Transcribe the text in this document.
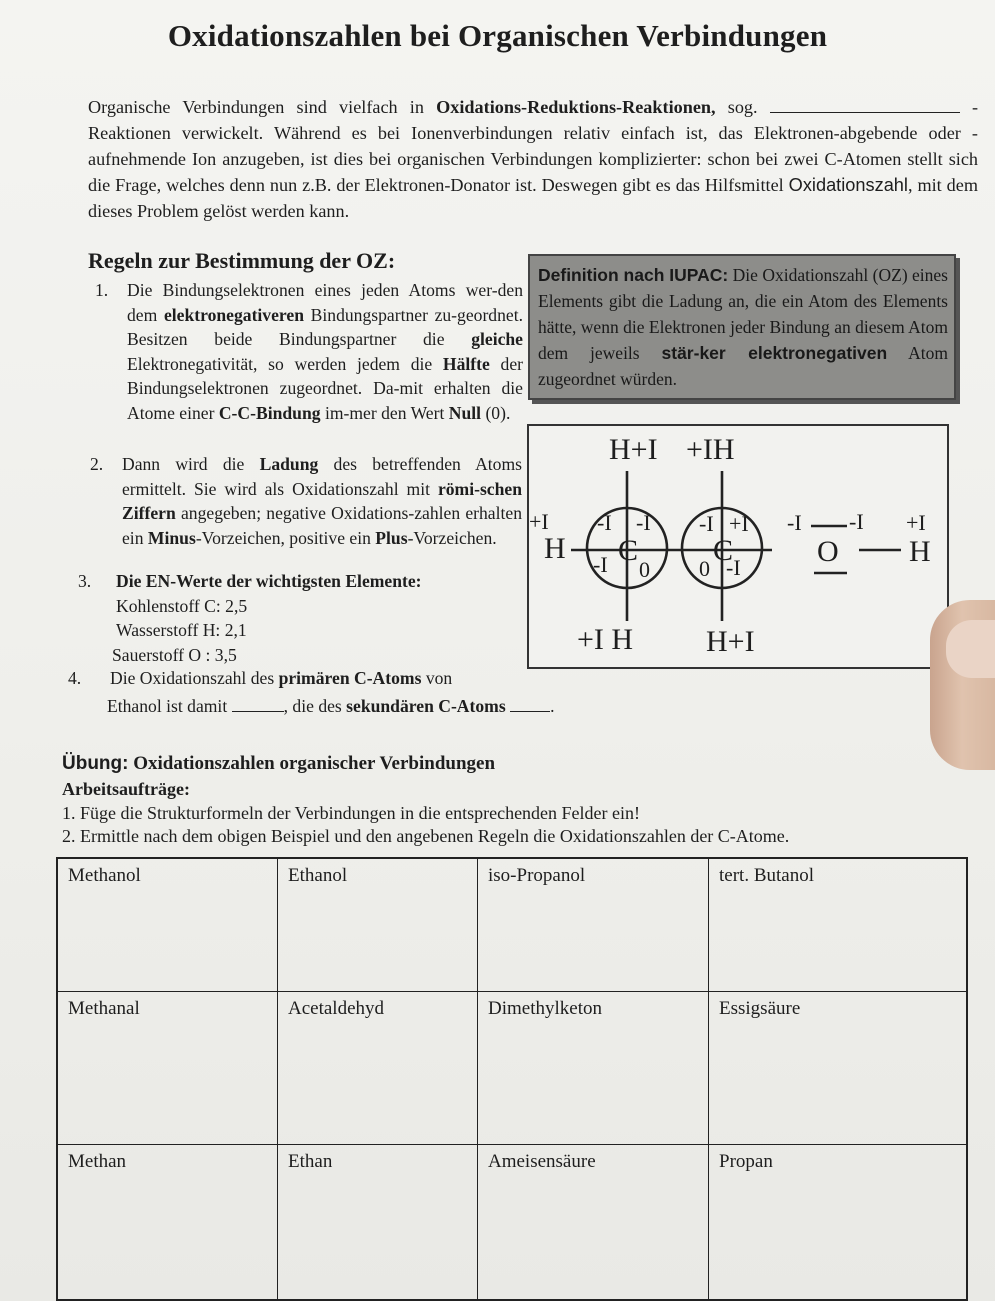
Oxidationszahlen bei Organischen Verbindungen
Organische Verbindungen sind vielfach in Oxidations-Reduktions-Reaktionen, sog.	-Reaktionen verwickelt. Während es bei Ionenverbindungen relativ einfach ist, das Elektronen-abgebende oder -aufnehmende Ion anzugeben, ist dies bei organischen Verbindungen komplizierter: schon bei zwei C-Atomen stellt sich die Frage, welches denn nun z.B. der Elektronen-Donator ist. Deswegen gibt es das Hilfsmittel Oxidationszahl, mit dem dieses Problem gelöst werden kann.
Regeln zur Bestimmung der OZ:
1. Die Bindungselektronen eines jeden Atoms wer-den dem elektronegativeren Bindungspartner zu-geordnet. Besitzen beide Bindungspartner die gleiche Elektronegativität, so werden jedem die Hälfte der Bindungselektronen zugeordnet. Da-mit erhalten die Atome einer C-C-Bindung im-mer den Wert Null (0).
2. Dann wird die Ladung des betreffenden Atoms ermittelt. Sie wird als Oxidationszahl mit römi-schen Ziffern angegeben; negative Oxidations-zahlen erhalten ein Minus-Vorzeichen, positive ein Plus-Vorzeichen.
3. Die EN-Werte der wichtigsten Elemente:
Kohlenstoff C: 2,5
Wasserstoff H: 2,1
Sauerstoff O : 3,5
4. Die Oxidationszahl des primären C-Atoms von
Ethanol ist damit	, die des sekundären C-Atoms	.
Definition nach IUPAC: Die Oxidationszahl (OZ) eines Elements gibt die Ladung an, die ein Atom des Elements hätte, wenn die Elektronen jeder Bindung an diesem Atom dem jeweils stär-ker elektronegativen Atom zugeordnet würden.
H+I +IH
H C C	O H
+I H H+I
+I -I -I
-I 0
-I +I
0 -I
-I -I +I
Übung: Oxidationszahlen organischer Verbindungen
Arbeitsaufträge:
1. Füge die Strukturformeln der Verbindungen in die entsprechenden Felder ein!
2. Ermittle nach dem obigen Beispiel und den angebenen Regeln die Oxidationszahlen der C-Atome.
Methanol	Ethanol	iso-Propanol	tert. Butanol
Methanal	Acetaldehyd	Dimethylketon	Essigsäure
Methan	Ethan	Ameisensäure	Propan
